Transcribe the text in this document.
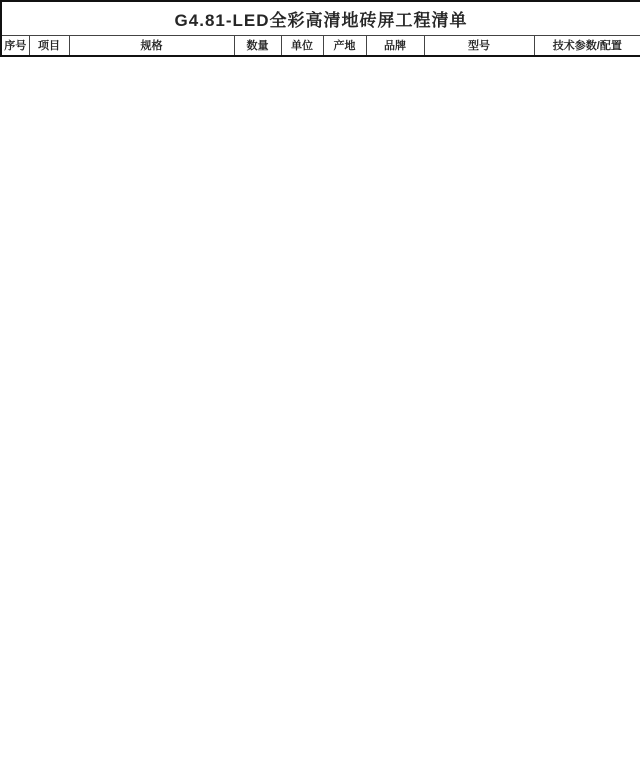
G4.81-LED全彩高清地砖屏工程清单
序号	项目	规格	数量	单位	产地	品牌	型号	技术参数/配置
